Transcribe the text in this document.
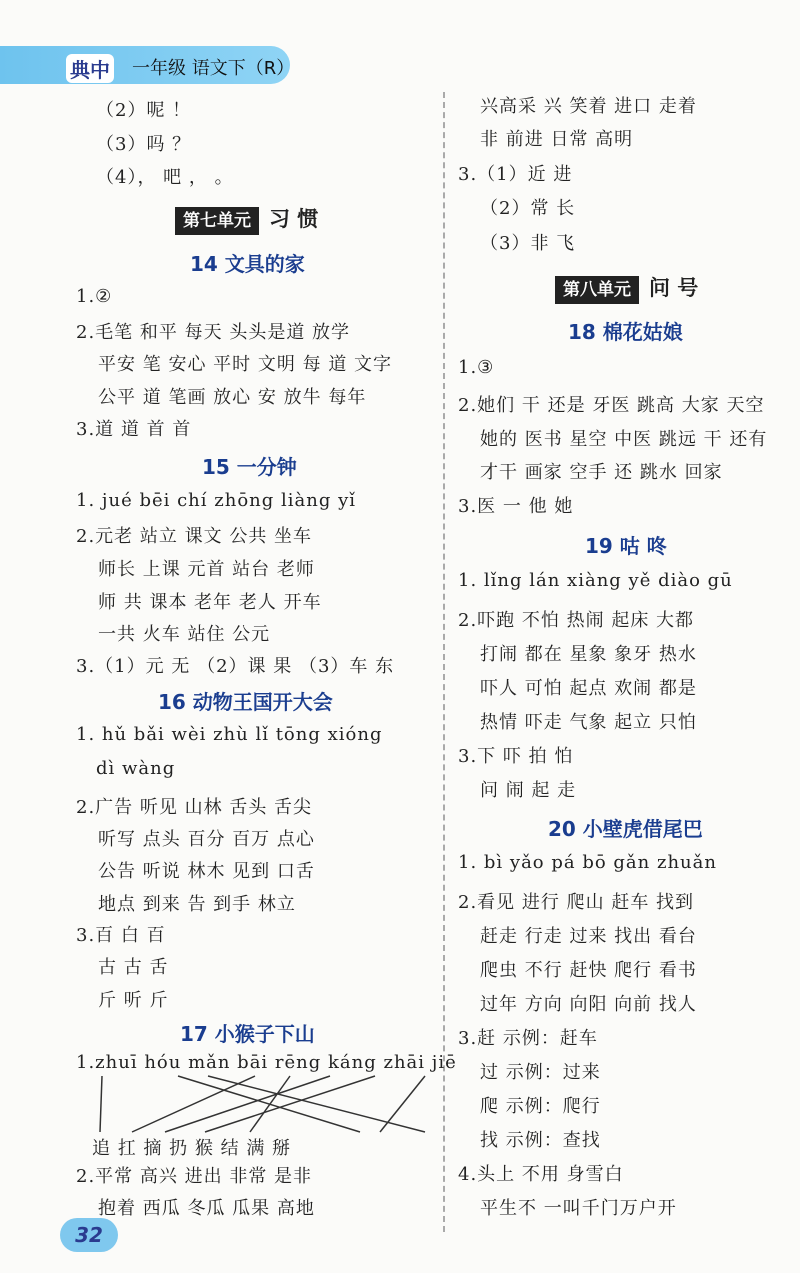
典中 一年级 语文下（R）
（2）呢 ！
（3）吗 ？
（4）， 吧 ， 。
第七单元 习 惯
14 文具的家
1.②
2.毛笔 和平 每天 头头是道 放学
平安 笔 安心 平时 文明 每 道 文字
公平 道 笔画 放心 安 放牛 每年
3.道 道 首 首
15 一分钟
1. jué bēi chí zhōng liàng yǐ
2.元老 站立 课文 公共 坐车
师长 上课 元首 站台 老师
师 共 课本 老年 老人 开车
一共 火车 站住 公元
3.（1）元 无 （2）课 果 （3）车 东
16 动物王国开大会
1. hǔ bǎi wèi zhù lǐ tōng xióng
dì wàng
2.广告 听见 山林 舌头 舌尖
听写 点头 百分 百万 点心
公告 听说 林木 见到 口舌
地点 到来 告 到手 林立
3.百 白 百
古 古 舌
斤 听 斤
17 小猴子下山
1.zhuī hóu mǎn bāi rēng káng zhāi jiē
追 扛 摘 扔 猴 结 满 掰
2.平常 高兴 进出 非常 是非
抱着 西瓜 冬瓜 瓜果 高地
兴高采 兴 笑着 进口 走着
非 前进 日常 高明
3.（1）近 进
（2）常 长
（3）非 飞
第八单元 问 号
18 棉花姑娘
1.③
2.她们 干 还是 牙医 跳高 大家 天空
她的 医书 星空 中医 跳远 干 还有
才干 画家 空手 还 跳水 回家
3.医 一 他 她
19 咕 咚
1. lǐng lán xiàng yě diào gū
2.吓跑 不怕 热闹 起床 大都
打闹 都在 星象 象牙 热水
吓人 可怕 起点 欢闹 都是
热情 吓走 气象 起立 只怕
3.下 吓 拍 怕
问 闹 起 走
20 小壁虎借尾巴
1. bì yǎo pá bō gǎn zhuǎn
2.看见 进行 爬山 赶车 找到
赶走 行走 过来 找出 看台
爬虫 不行 赶快 爬行 看书
过年 方向 向阳 向前 找人
3.赶 示例：赶车
过 示例：过来
爬 示例：爬行
找 示例：查找
4.头上 不用 身雪白
平生不 一叫千门万户开
32
